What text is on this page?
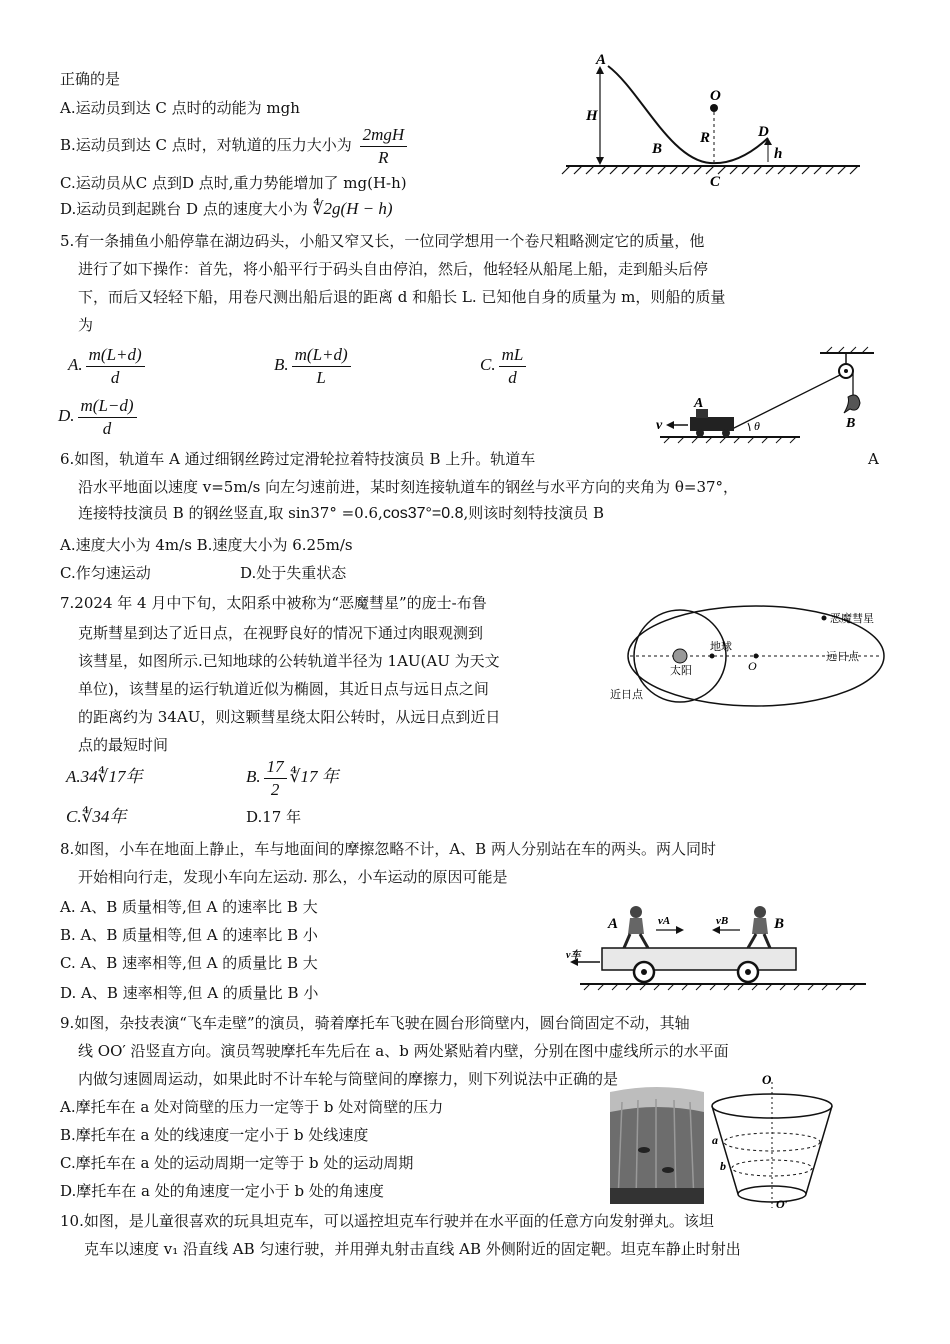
正确的是
A.运动员到达 C 点时的动能为 mgh
B.运动员到达 C 点时，对轨道的压力大小为 $\frac{\text{2mgH}}{R}$
C.运动员从C 点到D 点时,重力势能增加了 mg(H-h)
D.运动员到起跳台 D 点的速度大小为 ∜2g(H − h)
A
H
O
R
B
D
h
C
5.有一条捕鱼小船停靠在湖边码头，小船又窄又长，一位同学想用一个卷尺粗略测定它的质量，他
进行了如下操作：首先，将小船平行于码头自由停泊，然后，他轻轻从船尾上船，走到船头后停
下，而后又轻轻下船，用卷尺测出船后退的距离 d 和船长 L. 已知他自身的质量为 m，则船的质量
为
A. $\frac{m(L+d)}{d}$	B. $\frac{m(L+d)}{L}$	C. $\frac{mL}{d}$
D. $\frac{m(L-d)}{d}$	v
A
θ	B
6.如图，轨道车 A 通过细钢丝跨过定滑轮拉着特技演员 B 上升。轨道车	A
沿水平地面以速度 v=5m/s 向左匀速前进，某时刻连接轨道车的钢丝与水平方向的夹角为 θ=37°，
连接特技演员 B 的钢丝竖直,取 sin37° =0.6,cos37°=0.8,则该时刻特技演员 B
A.速度大小为 4m/s B.速度大小为 6.25m/s
C.作匀速运动	D.处于失重状态
7.2024 年 4 月中下旬，太阳系中被称为“恶魔彗星”的庞士-布鲁
克斯彗星到达了近日点，在视野良好的情况下通过肉眼观测到
该彗星，如图所示.已知地球的公转轨道半径为 1AU(AU 为天文
单位)，该彗星的运行轨道近似为椭圆，其近日点与远日点之间
的距离约为 34AU，则这颗彗星绕太阳公转时，从远日点到近日
点的最短时间
A.34∜17年	B. $\frac{17}{2}$ ∜17 年
C.∜34年	D.17 年
恶魔彗星
地球
太阳	O
远日点
近日点
8.如图，小车在地面上静止，车与地面间的摩擦忽略不计，A、B 两人分别站在车的两头。两人同时
开始相向行走，发现小车向左运动. 那么，小车运动的原因可能是
A. A、B 质量相等,但 A 的速率比 B 大
B. A、B 质量相等,但 A 的速率比 B 小
C. A、B 速率相等,但 A 的质量比 B 大
D. A、B 速率相等,但 A 的质量比 B 小
A	vA	vB	B
v车
9.如图，杂技表演“飞车走壁”的演员，骑着摩托车飞驶在圆台形筒壁内，圆台筒固定不动，其轴
线 OO′ 沿竖直方向。演员驾驶摩托车先后在 a、b 两处紧贴着内壁，分别在图中虚线所示的水平面
内做匀速圆周运动，如果此时不计车轮与筒壁间的摩擦力，则下列说法中正确的是
A.摩托车在 a 处对筒壁的压力一定等于 b 处对筒壁的压力
B.摩托车在 a 处的线速度一定小于 b 处线速度
C.摩托车在 a 处的运动周期一定等于 b 处的运动周期
D.摩托车在 a 处的角速度一定小于 b 处的角速度
O
a
b
O′
10.如图，是儿童很喜欢的玩具坦克车，可以遥控坦克车行驶并在水平面的任意方向发射弹丸。该坦
克车以速度 v₁ 沿直线 AB 匀速行驶，并用弹丸射击直线 AB 外侧附近的固定靶。坦克车静止时射出
